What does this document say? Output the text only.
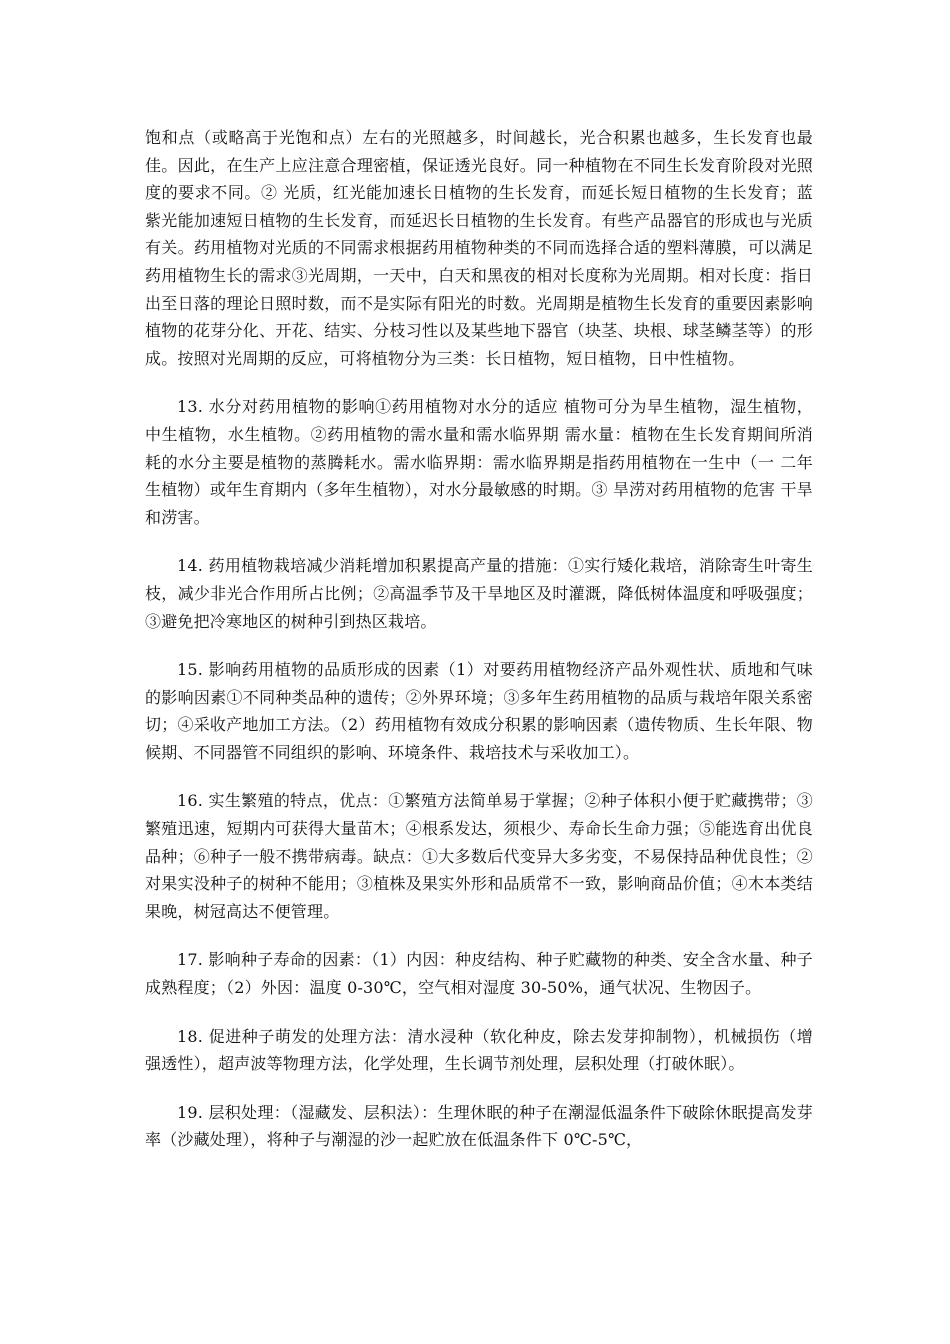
饱和点（或略高于光饱和点）左右的光照越多，时间越长，光合积累也越多，生长发育也最佳。因此，在生产上应注意合理密植，保证透光良好。同一种植物在不同生长发育阶段对光照度的要求不同。② 光质，红光能加速长日植物的生长发育，而延长短日植物的生长发育；蓝紫光能加速短日植物的生长发育，而延迟长日植物的生长发育。有些产品器官的形成也与光质有关。药用植物对光质的不同需求根据药用植物种类的不同而选择合适的塑料薄膜，可以满足药用植物生长的需求③光周期，一天中，白天和黑夜的相对长度称为光周期。相对长度：指日出至日落的理论日照时数，而不是实际有阳光的时数。光周期是植物生长发育的重要因素影响植物的花芽分化、开花、结实、分枝习性以及某些地下器官（块茎、块根、球茎鳞茎等）的形成。按照对光周期的反应，可将植物分为三类：长日植物，短日植物，日中性植物。

13. 水分对药用植物的影响①药用植物对水分的适应 植物可分为旱生植物，湿生植物，中生植物，水生植物。②药用植物的需水量和需水临界期 需水量：植物在生长发育期间所消耗的水分主要是植物的蒸腾耗水。需水临界期：需水临界期是指药用植物在一生中（一 二年生植物）或年生育期内（多年生植物），对水分最敏感的时期。③ 旱涝对药用植物的危害 干旱和涝害。

14. 药用植物栽培减少消耗增加积累提高产量的措施：①实行矮化栽培，消除寄生叶寄生枝，减少非光合作用所占比例；②高温季节及干旱地区及时灌溉，降低树体温度和呼吸强度；③避免把冷寒地区的树种引到热区栽培。

15. 影响药用植物的品质形成的因素（1）对要药用植物经济产品外观性状、质地和气味的影响因素①不同种类品种的遗传；②外界环境；③多年生药用植物的品质与栽培年限关系密切；④采收产地加工方法。（2）药用植物有效成分积累的影响因素（遗传物质、生长年限、物候期、不同器管不同组织的影响、环境条件、栽培技术与采收加工）。

16. 实生繁殖的特点，优点：①繁殖方法简单易于掌握；②种子体积小便于贮藏携带；③繁殖迅速，短期内可获得大量苗木；④根系发达，须根少、寿命长生命力强；⑤能选育出优良品种；⑥种子一般不携带病毒。缺点：①大多数后代变异大多劣变，不易保持品种优良性；②对果实没种子的树种不能用；③植株及果实外形和品质常不一致，影响商品价值；④木本类结果晚，树冠高达不便管理。

17. 影响种子寿命的因素：（1）内因：种皮结构、种子贮藏物的种类、安全含水量、种子成熟程度；（2）外因：温度 0-30℃，空气相对湿度 30-50%，通气状况、生物因子。

18. 促进种子萌发的处理方法：清水浸种（软化种皮，除去发芽抑制物），机械损伤（增强透性），超声波等物理方法，化学处理，生长调节剂处理，层积处理（打破休眠）。

19. 层积处理：（湿藏发、层积法）：生理休眠的种子在潮湿低温条件下破除休眠提高发芽率（沙藏处理），将种子与潮湿的沙一起贮放在低温条件下 0℃-5℃，
